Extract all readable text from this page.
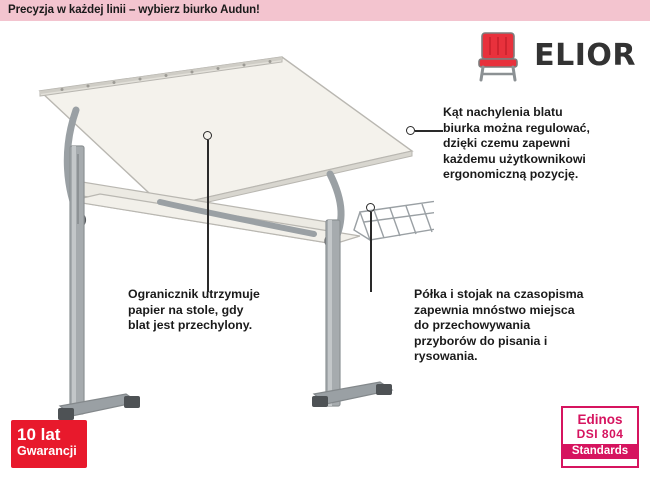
Precyzja w każdej linii – wybierz biurko Audun!
ELIOR
Kąt nachylenia blatu
biurka można regulować,
dzięki czemu zapewni
każdemu użytkownikowi
ergonomiczną pozycję.
Ogranicznik utrzymuje
papier na stole, gdy
blat jest przechylony.
Półka i stojak na czasopisma
zapewnia mnóstwo miejsca
do przechowywania
przyborów do pisania i
rysowania.
10 lat
Gwarancji
Edinos
DSI 804
Standards
